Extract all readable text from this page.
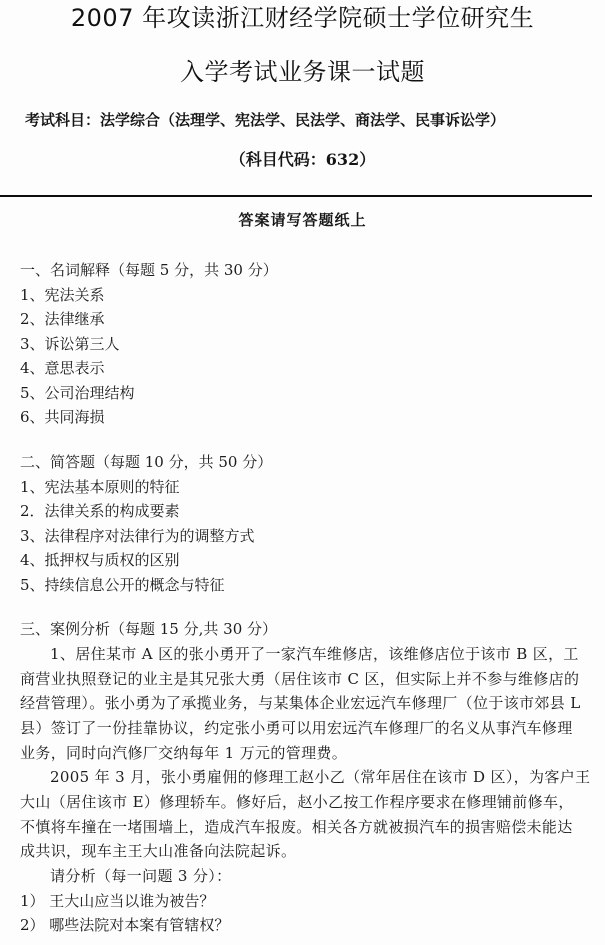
2007 年攻读浙江财经学院硕士学位研究生
入学考试业务课一试题
考试科目：法学综合（法理学、宪法学、民法学、商法学、民事诉讼学）
（科目代码：632）
答案请写答题纸上
一、名词解释（每题 5 分，共 30 分）
1、宪法关系
2、法律继承
3、诉讼第三人
4、意思表示
5、公司治理结构
6、共同海损
二、简答题（每题 10 分，共 50 分）
1、宪法基本原则的特征
2．法律关系的构成要素
3、法律程序对法律行为的调整方式
4、抵押权与质权的区别
5、持续信息公开的概念与特征
三、案例分析（每题 15 分,共 30 分）
1、居住某市 A 区的张小勇开了一家汽车维修店，该维修店位于该市 B 区，工
商营业执照登记的业主是其兄张大勇（居住该市 C 区，但实际上并不参与维修店的
经营管理）。张小勇为了承揽业务，与某集体企业宏远汽车修理厂（位于该市郊县 L
县）签订了一份挂靠协议，约定张小勇可以用宏远汽车修理厂的名义从事汽车修理
业务，同时向汽修厂交纳每年 1 万元的管理费。
2005 年 3 月，张小勇雇佣的修理工赵小乙（常年居住在该市 D 区），为客户王
大山（居住该市 E）修理轿车。修好后，赵小乙按工作程序要求在修理铺前修车，
不慎将车撞在一堵围墙上，造成汽车报废。相关各方就被损汽车的损害赔偿未能达
成共识，现车主王大山准备向法院起诉。
请分析（每一问题 3 分）：
1） 王大山应当以谁为被告？
2） 哪些法院对本案有管辖权？
